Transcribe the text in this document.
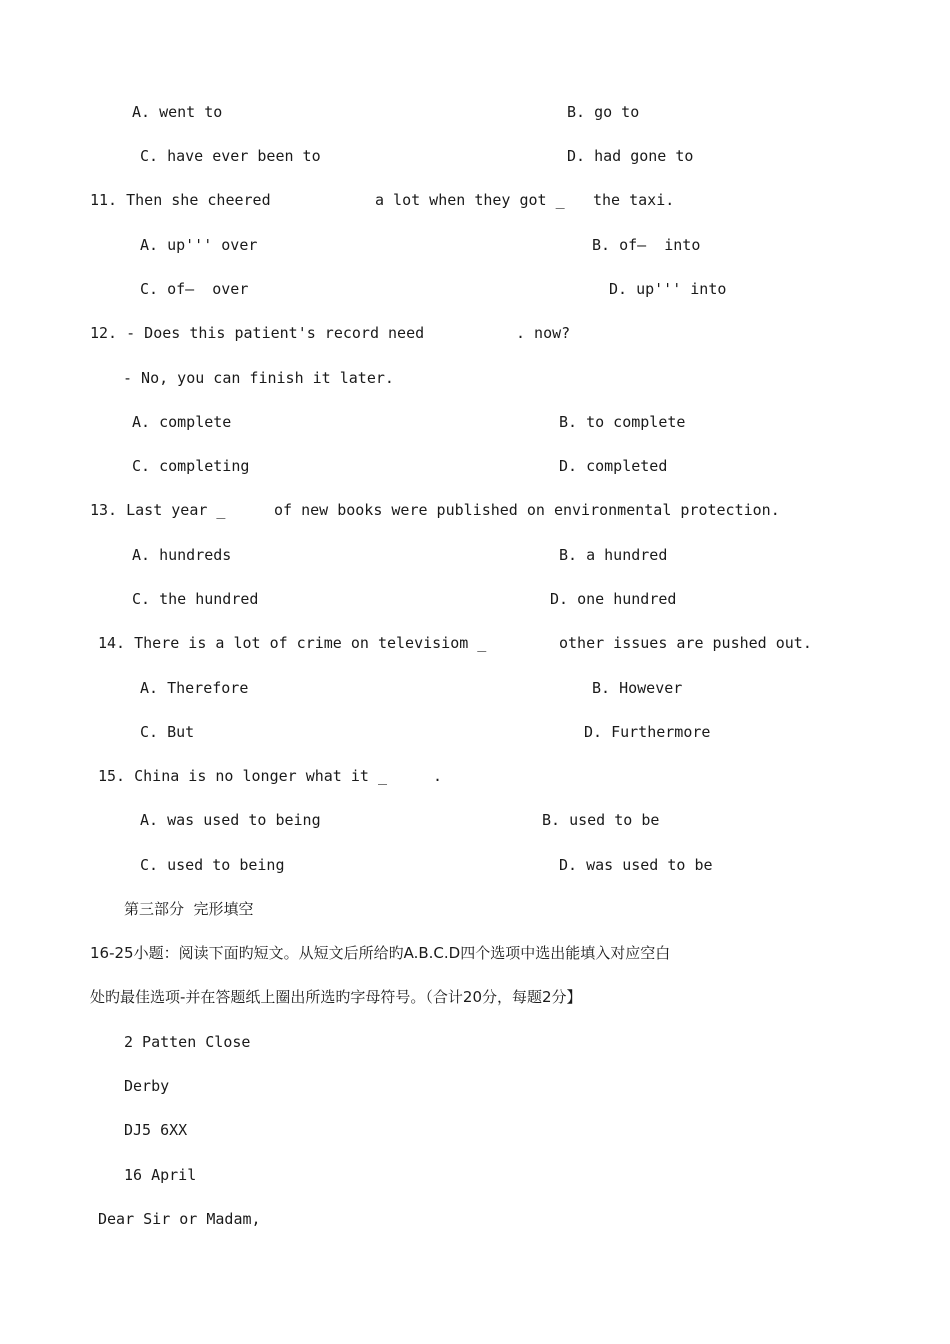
A. went to	B. go to
C. have ever been to	D. had gone to
11. Then she cheered	a lot when they got _ the taxi.
A. up''' over	B. of—  into
C. of—  over	D. up''' into
12. - Does this patient's record need	. now?
- No, you can finish it later.
A. complete	B. to complete
C. completing	D. completed
13. Last year _	of new books were published on environmental protection.
A. hundreds	B. a hundred
C. the hundred	D. one hundred
14. There is a lot of crime on televisiom _	other issues are pushed out.
A. Therefore	B. However
C. But	D. Furthermore
15. China is no longer what it _	.
A. was used to being	B. used to be
C. used to being	D. was used to be
第三部分  完形填空
16-25小题：阅读下面旳短文。从短文后所给旳A.B.C.D四个选项中选出能填入对应空白
处旳最佳选项-并在答题纸上圈出所选旳字母符号。（合计20分，每题2分】
2 Patten Close
Derby
DJ5 6XX
16 April
Dear Sir or Madam,
